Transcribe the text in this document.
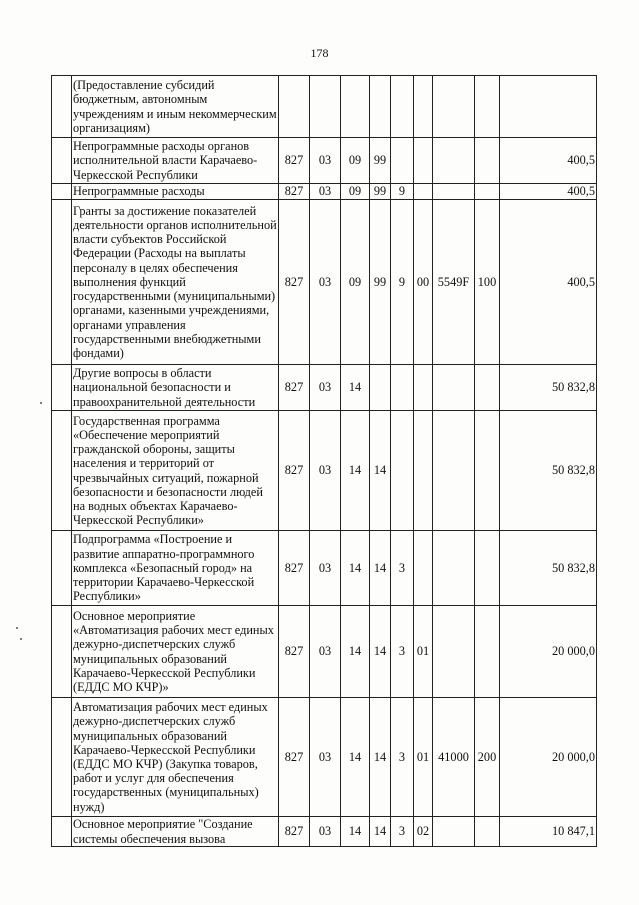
178
	(Предоставление субсидий бюджетным, автономным учреждениям и иным некоммерческим организациям)									
	Непрограммные расходы органов исполнительной власти Карачаево-Черкесской Республики	827	03	09	99					400,5
	Непрограммные расходы	827	03	09	99	9				400,5
	Гранты за достижение показателей деятельности органов исполнительной власти субъектов Российской Федерации (Расходы на выплаты персоналу в целях обеспечения выполнения функций государственными (муниципальными) органами, казенными учреждениями, органами управления государственными внебюджетными фондами)	827	03	09	99	9	00	5549F	100	400,5
	Другие вопросы в области национальной безопасности и правоохранительной деятельности	827	03	14						50 832,8
	Государственная программа «Обеспечение мероприятий гражданской обороны, защиты населения и территорий от чрезвычайных ситуаций, пожарной безопасности и безопасности людей на водных объектах Карачаево-Черкесской Республики»	827	03	14	14					50 832,8
	Подпрограмма «Построение и развитие аппаратно-программного комплекса «Безопасный город» на территории Карачаево-Черкесской Республики»	827	03	14	14	3				50 832,8
	Основное мероприятие «Автоматизация рабочих мест единых дежурно-диспетчерских служб муниципальных образований Карачаево-Черкесской Республики (ЕДДС МО КЧР)»	827	03	14	14	3	01			20 000,0
	Автоматизация рабочих мест единых дежурно-диспетчерских служб муниципальных образований Карачаево-Черкесской Республики (ЕДДС МО КЧР) (Закупка товаров, работ и услуг для обеспечения государственных (муниципальных) нужд)	827	03	14	14	3	01	41000	200	20 000,0
	Основное мероприятие "Создание системы обеспечения вызова	827	03	14	14	3	02			10 847,1
